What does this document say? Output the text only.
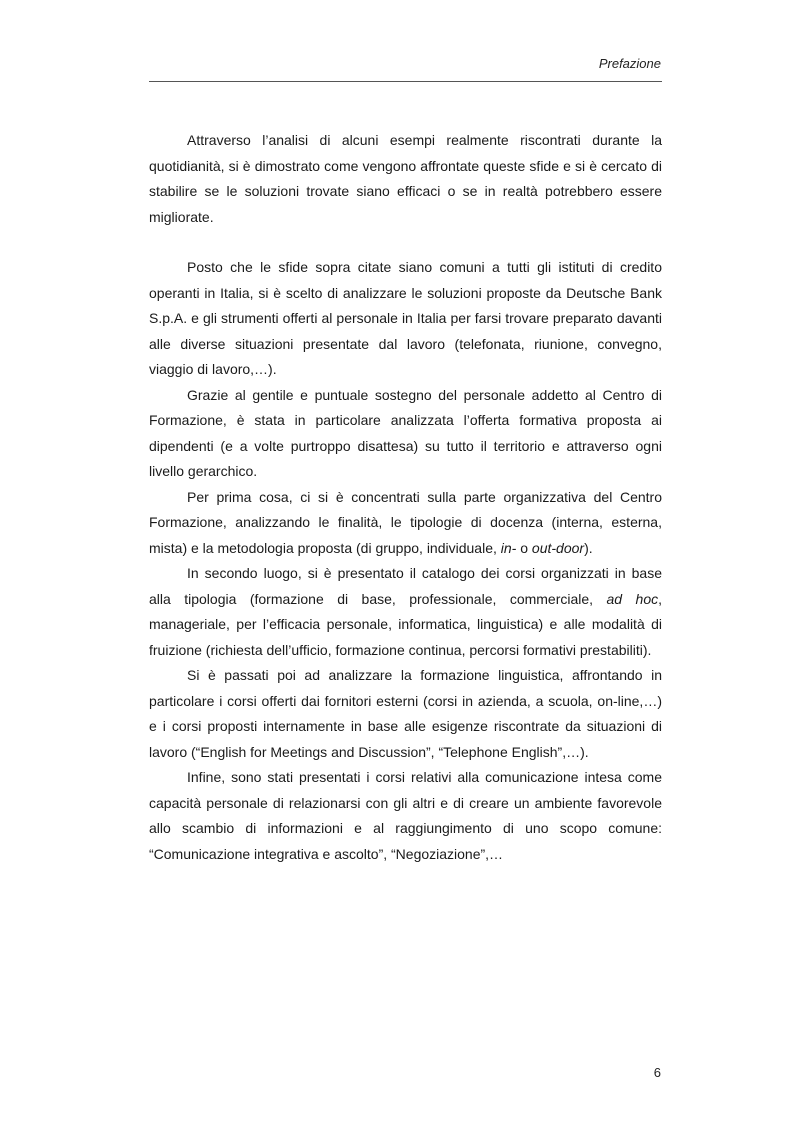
Prefazione

Attraverso l’analisi di alcuni esempi realmente riscontrati durante la quotidianità, si è dimostrato come vengono affrontate queste sfide e si è cercato di stabilire se le soluzioni trovate siano efficaci o se in realtà potrebbero essere migliorate.

Posto che le sfide sopra citate siano comuni a tutti gli istituti di credito operanti in Italia, si è scelto di analizzare le soluzioni proposte da Deutsche Bank S.p.A. e gli strumenti offerti al personale in Italia per farsi trovare preparato davanti alle diverse situazioni presentate dal lavoro (telefonata, riunione, convegno, viaggio di lavoro,…).

Grazie al gentile e puntuale sostegno del personale addetto al Centro di Formazione, è stata in particolare analizzata l’offerta formativa proposta ai dipendenti (e a volte purtroppo disattesa) su tutto il territorio e attraverso ogni livello gerarchico.

Per prima cosa, ci si è concentrati sulla parte organizzativa del Centro Formazione, analizzando le finalità, le tipologie di docenza (interna, esterna, mista) e la metodologia proposta (di gruppo, individuale, in- o out-door).

In secondo luogo, si è presentato il catalogo dei corsi organizzati in base alla tipologia (formazione di base, professionale, commerciale, ad hoc, manageriale, per l’efficacia personale, informatica, linguistica) e alle modalità di fruizione (richiesta dell’ufficio, formazione continua, percorsi formativi prestabiliti).

Si è passati poi ad analizzare la formazione linguistica, affrontando in particolare i corsi offerti dai fornitori esterni (corsi in azienda, a scuola, on-line,…) e i corsi proposti internamente in base alle esigenze riscontrate da situazioni di lavoro (“English for Meetings and Discussion”, “Telephone English”,…).

Infine, sono stati presentati i corsi relativi alla comunicazione intesa come capacità personale di relazionarsi con gli altri e di creare un ambiente favorevole allo scambio di informazioni e al raggiungimento di uno scopo comune: “Comunicazione integrativa e ascolto”, “Negoziazione”,…

6
